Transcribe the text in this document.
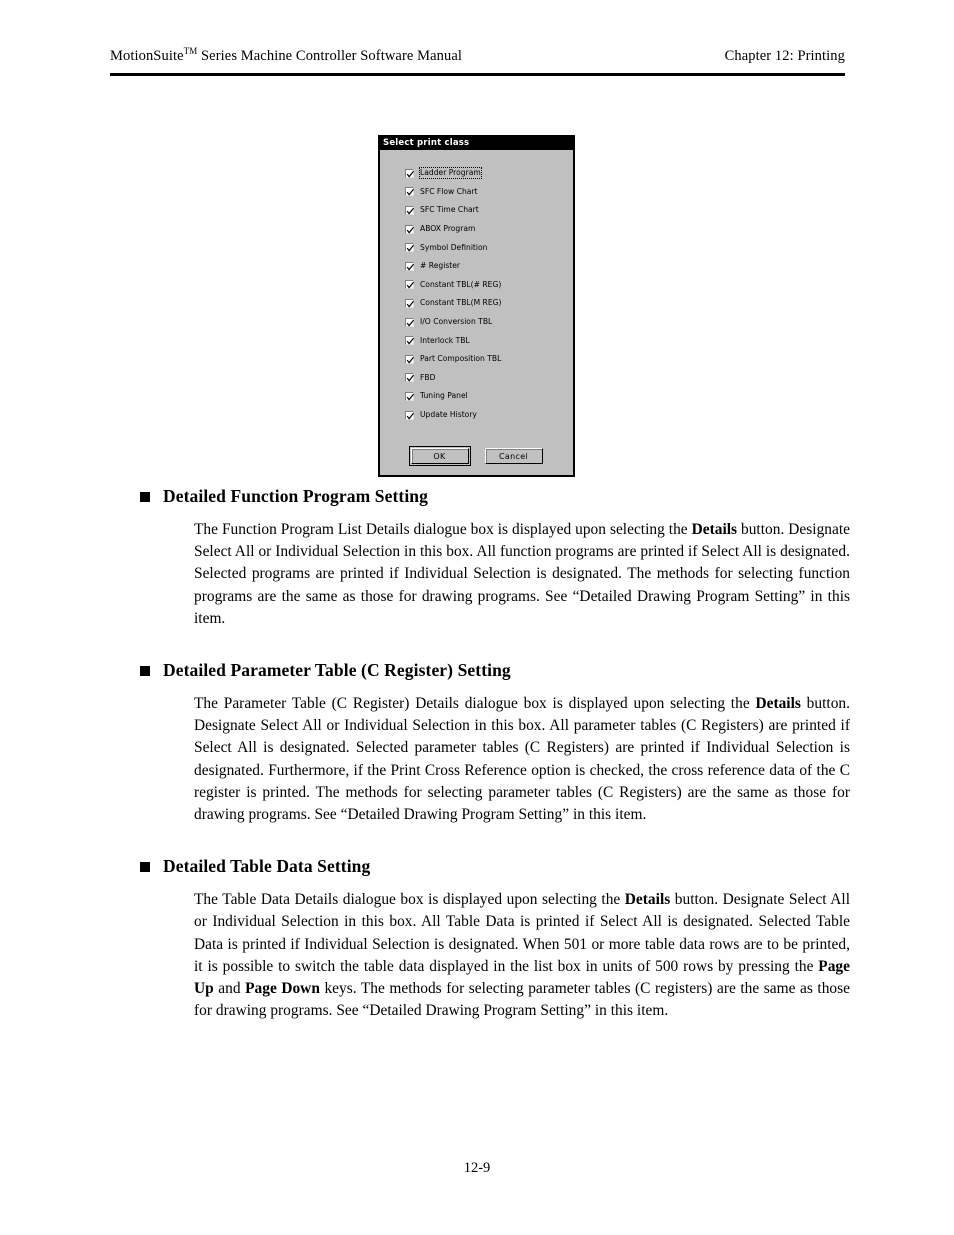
MotionSuite™ Series Machine Controller Software Manual	Chapter 12: Printing
Select print class
Ladder Program
SFC Flow Chart
SFC Time Chart
ABOX Program
Symbol Definition
# Register
Constant TBL(# REG)
Constant TBL(M REG)
I/O Conversion TBL
Interlock TBL
Part Composition TBL
FBD
Tuning Panel
Update History
OK	Cancel
Detailed Function Program Setting

The Function Program List Details dialogue box is displayed upon selecting the Details button. Designate Select All or Individual Selection in this box. All function programs are printed if Select All is designated. Selected programs are printed if Individual Selection is designated. The methods for selecting function programs are the same as those for drawing programs. See “Detailed Drawing Program Setting” in this item.

Detailed Parameter Table (C Register) Setting

The Parameter Table (C Register) Details dialogue box is displayed upon selecting the Details button. Designate Select All or Individual Selection in this box. All parameter tables (C Registers) are printed if Select All is designated. Selected parameter tables (C Registers) are printed if Individual Selection is designated. Furthermore, if the Print Cross Reference option is checked, the cross reference data of the C register is printed. The methods for selecting parameter tables (C Registers) are the same as those for drawing programs. See “Detailed Drawing Program Setting” in this item.

Detailed Table Data Setting

The Table Data Details dialogue box is displayed upon selecting the Details button. Designate Select All or Individual Selection in this box. All Table Data is printed if Select All is designated. Selected Table Data is printed if Individual Selection is designated. When 501 or more table data rows are to be printed, it is possible to switch the table data displayed in the list box in units of 500 rows by pressing the Page Up and Page Down keys. The methods for selecting parameter tables (C registers) are the same as those for drawing programs. See “Detailed Drawing Program Setting” in this item.

12-9
